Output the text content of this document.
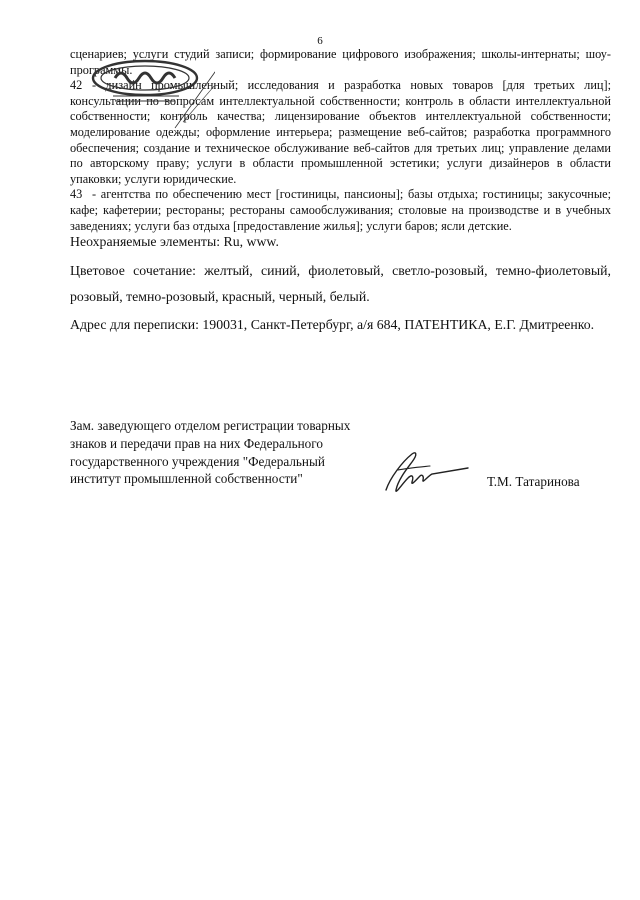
6

сценариев; услуги студий записи; формирование цифрового изображения; школы-интернаты; шоу-программы.

42 - дизайн промышленный; исследования и разработка новых товаров [для третьих лиц]; консультации по вопросам интеллектуальной собственности; контроль в области интеллектуальной собственности; контроль качества; лицензирование объектов интеллектуальной собственности; моделирование одежды; оформление интерьера; размещение веб-сайтов; разработка программного обеспечения; создание и техническое обслуживание веб-сайтов для третьих лиц; управление делами по авторскому праву; услуги в области промышленной эстетики; услуги дизайнеров в области упаковки; услуги юридические.

43 - агентства по обеспечению мест [гостиницы, пансионы]; базы отдыха; гостиницы; закусочные; кафе; кафетерии; рестораны; рестораны самообслуживания; столовые на производстве и в учебных заведениях; услуги баз отдыха [предоставление жилья]; услуги баров; ясли детские.

Неохраняемые элементы: Ru, www.

Цветовое сочетание: желтый, синий, фиолетовый, светло-розовый, темно-фиолетовый, розовый, темно-розовый, красный, черный, белый.

Адрес для переписки: 190031, Санкт-Петербург, а/я 684, ПАТЕНТИКА, Е.Г. Дмитреенко.

Зам. заведующего отделом регистрации товарных
знаков и передачи прав на них Федерального
государственного учреждения "Федеральный
институт промышленной собственности"	Т.М. Татаринова
